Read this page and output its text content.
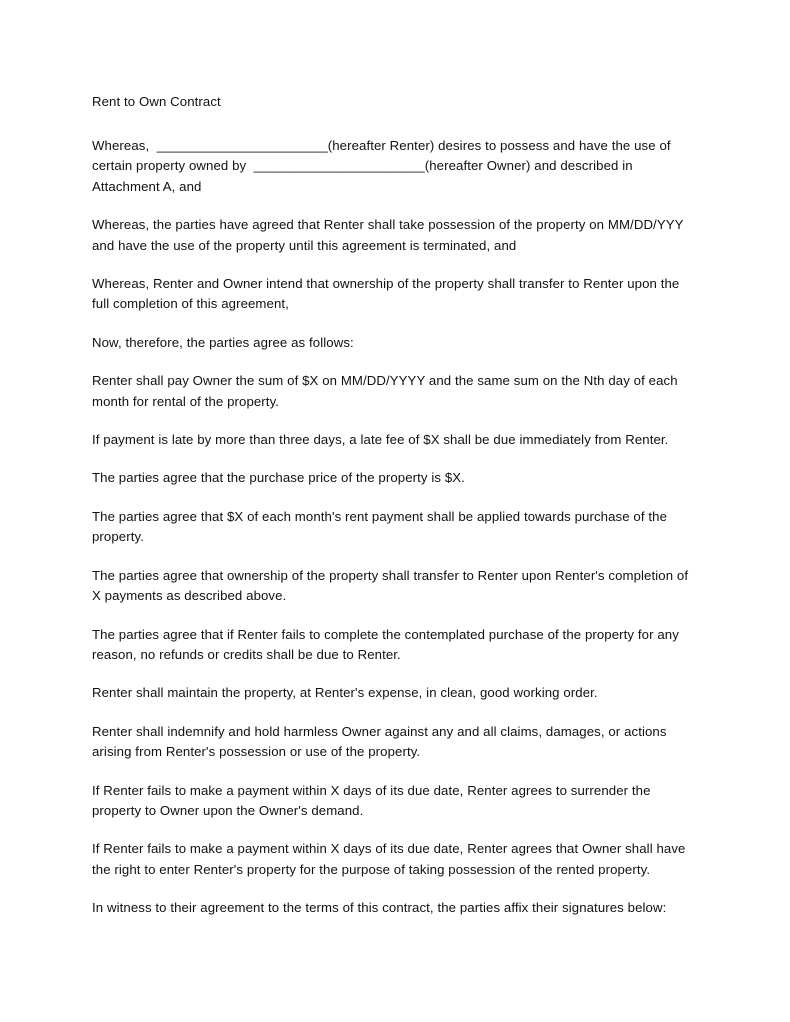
Rent to Own Contract

Whereas,  _______________________(hereafter Renter) desires to possess and have the use of certain property owned by  _______________________(hereafter Owner) and described in Attachment A, and

Whereas, the parties have agreed that Renter shall take possession of the property on MM/DD/YYY and have the use of the property until this agreement is terminated, and

Whereas, Renter and Owner intend that ownership of the property shall transfer to Renter upon the full completion of this agreement,

Now, therefore, the parties agree as follows:

Renter shall pay Owner the sum of $X on MM/DD/YYYY and the same sum on the Nth day of each month for rental of the property.

If payment is late by more than three days, a late fee of $X shall be due immediately from Renter.

The parties agree that the purchase price of the property is $X.

The parties agree that $X of each month's rent payment shall be applied towards purchase of the property.

The parties agree that ownership of the property shall transfer to Renter upon Renter's completion of X payments as described above.

The parties agree that if Renter fails to complete the contemplated purchase of the property for any reason, no refunds or credits shall be due to Renter.

Renter shall maintain the property, at Renter's expense, in clean, good working order.

Renter shall indemnify and hold harmless Owner against any and all claims, damages, or actions arising from Renter's possession or use of the property.

If Renter fails to make a payment within X days of its due date, Renter agrees to surrender the property to Owner upon the Owner's demand.

If Renter fails to make a payment within X days of its due date, Renter agrees that Owner shall have the right to enter Renter's property for the purpose of taking possession of the rented property.

In witness to their agreement to the terms of this contract, the parties affix their signatures below:
